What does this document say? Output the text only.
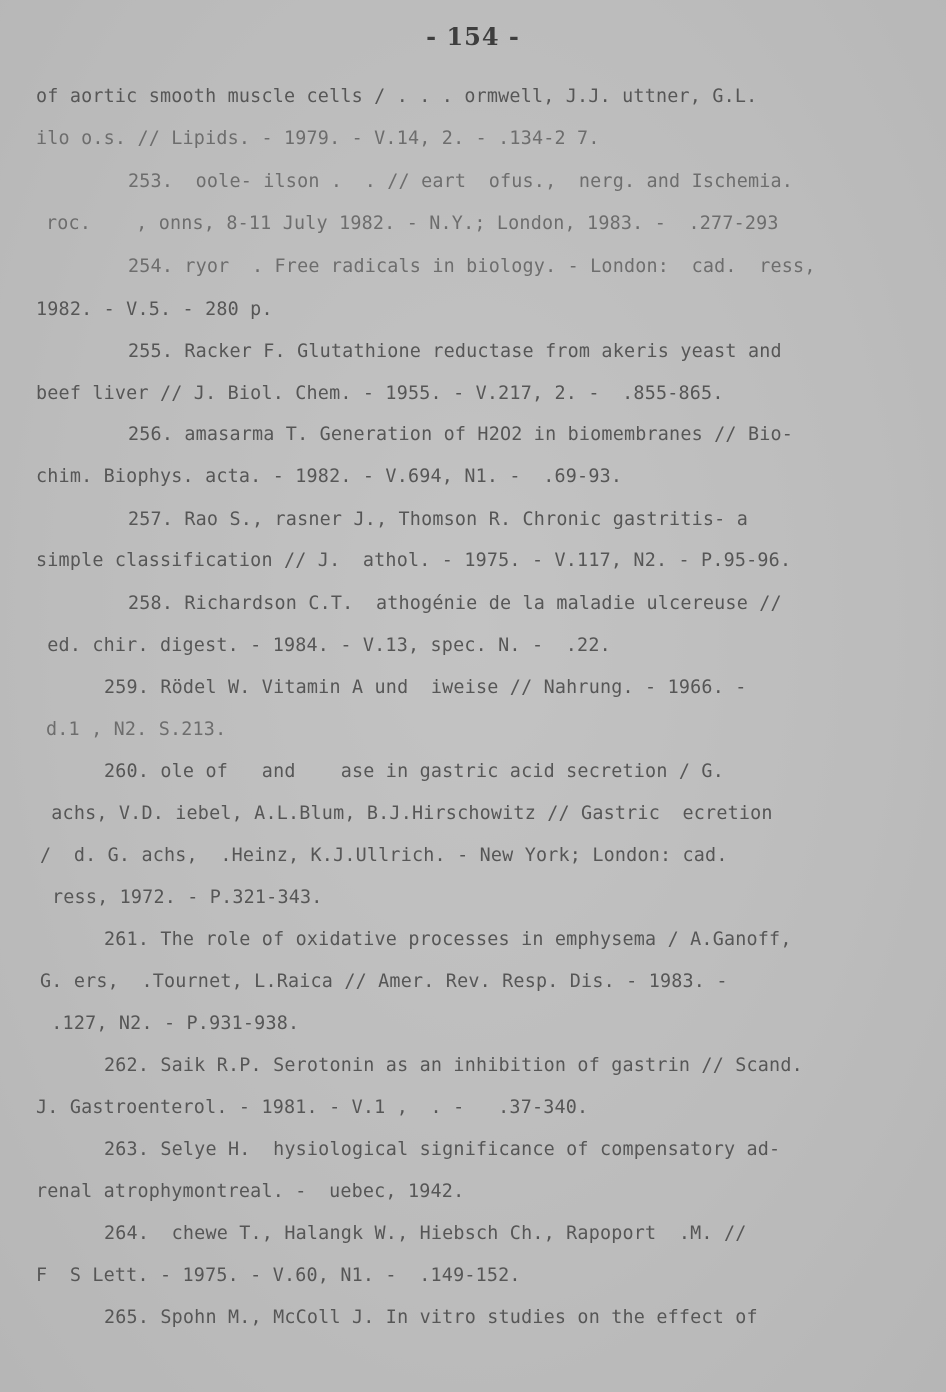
- 154 -
of aortic smooth muscle cells / . . . ormwell, J.J. uttner, G.L.
ilo o.s. // Lipids. - 1979. - V.14, 2. - .134-2 7.
253.  oole- ilson .  . // eart  ofus.,  nerg. and Ischemia.
roc.    , onns, 8-11 July 1982. - N.Y.; London, 1983. -  .277-293
254. ryor  . Free radicals in biology. - London:  cad.  ress,
1982. - V.5. - 280 p.
255. Racker F. Glutathione reductase from akeris yeast and
beef liver // J. Biol. Chem. - 1955. - V.217, 2. -  .855-865.
256. amasarma T. Generation of H2O2 in biomembranes // Bio-
chim. Biophys. acta. - 1982. - V.694, N1. -  .69-93.
257. Rao S., rasner J., Thomson R. Chronic gastritis- a
simple classification // J.  athol. - 1975. - V.117, N2. - P.95-96.
258. Richardson C.T.  athogénie de la maladie ulcereuse //
ed. chir. digest. - 1984. - V.13, spec. N. -  .22.
259. Rödel W. Vitamin A und  iweise // Nahrung. - 1966. -
d.1 , N2. S.213.
260. ole of   and    ase in gastric acid secretion / G.
achs, V.D. iebel, A.L.Blum, B.J.Hirschowitz // Gastric  ecretion
/  d. G. achs,  .Heinz, K.J.Ullrich. - New York; London: cad.
ress, 1972. - P.321-343.
261. The role of oxidative processes in emphysema / A.Ganoff,
G. ers,  .Tournet, L.Raica // Amer. Rev. Resp. Dis. - 1983. -
.127, N2. - P.931-938.
262. Saik R.P. Serotonin as an inhibition of gastrin // Scand.
J. Gastroenterol. - 1981. - V.1 ,  . -   .37-340.
263. Selye H.  hysiological significance of compensatory ad-
renal atrophymontreal. -  uebec, 1942.
264.  chewe T., Halangk W., Hiebsch Ch., Rapoport  .M. //
F  S Lett. - 1975. - V.60, N1. -  .149-152.
265. Spohn M., McColl J. In vitro studies on the effect of
